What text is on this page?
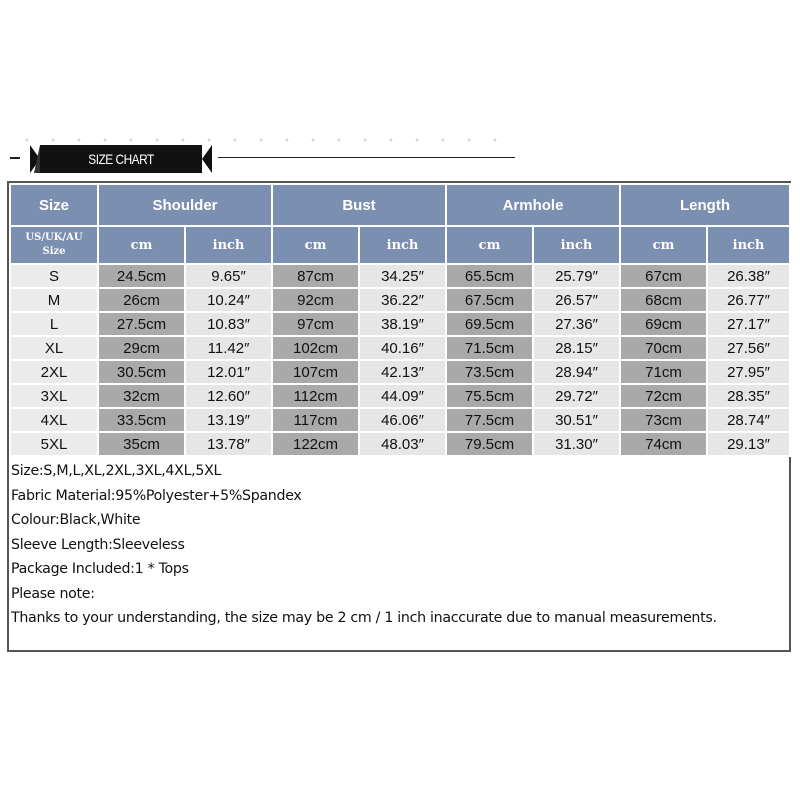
SIZE CHART
Size	Shoulder		Bust		Armhole		Length	

US/UK/AU
Size	cm	inch	cm	inch	cm	inch	cm	inch
S	24.5cm	9.65″	87cm	34.25″	65.5cm	25.79″	67cm	26.38″
M	26cm	10.24″	92cm	36.22″	67.5cm	26.57″	68cm	26.77″
L	27.5cm	10.83″	97cm	38.19″	69.5cm	27.36″	69cm	27.17″
XL	29cm	11.42″	102cm	40.16″	71.5cm	28.15″	70cm	27.56″
2XL	30.5cm	12.01″	107cm	42.13″	73.5cm	28.94″	71cm	27.95″
3XL	32cm	12.60″	112cm	44.09″	75.5cm	29.72″	72cm	28.35″
4XL	33.5cm	13.19″	117cm	46.06″	77.5cm	30.51″	73cm	28.74″
5XL	35cm	13.78″	122cm	48.03″	79.5cm	31.30″	74cm	29.13″
Size:S,M,L,XL,2XL,3XL,4XL,5XL
Fabric Material:95%Polyester+5%Spandex
Colour:Black,White
Sleeve Length:Sleeveless
Package Included:1 * Tops
Please note:
Thanks to your understanding, the size may be 2 cm / 1 inch inaccurate due to manual measurements.
